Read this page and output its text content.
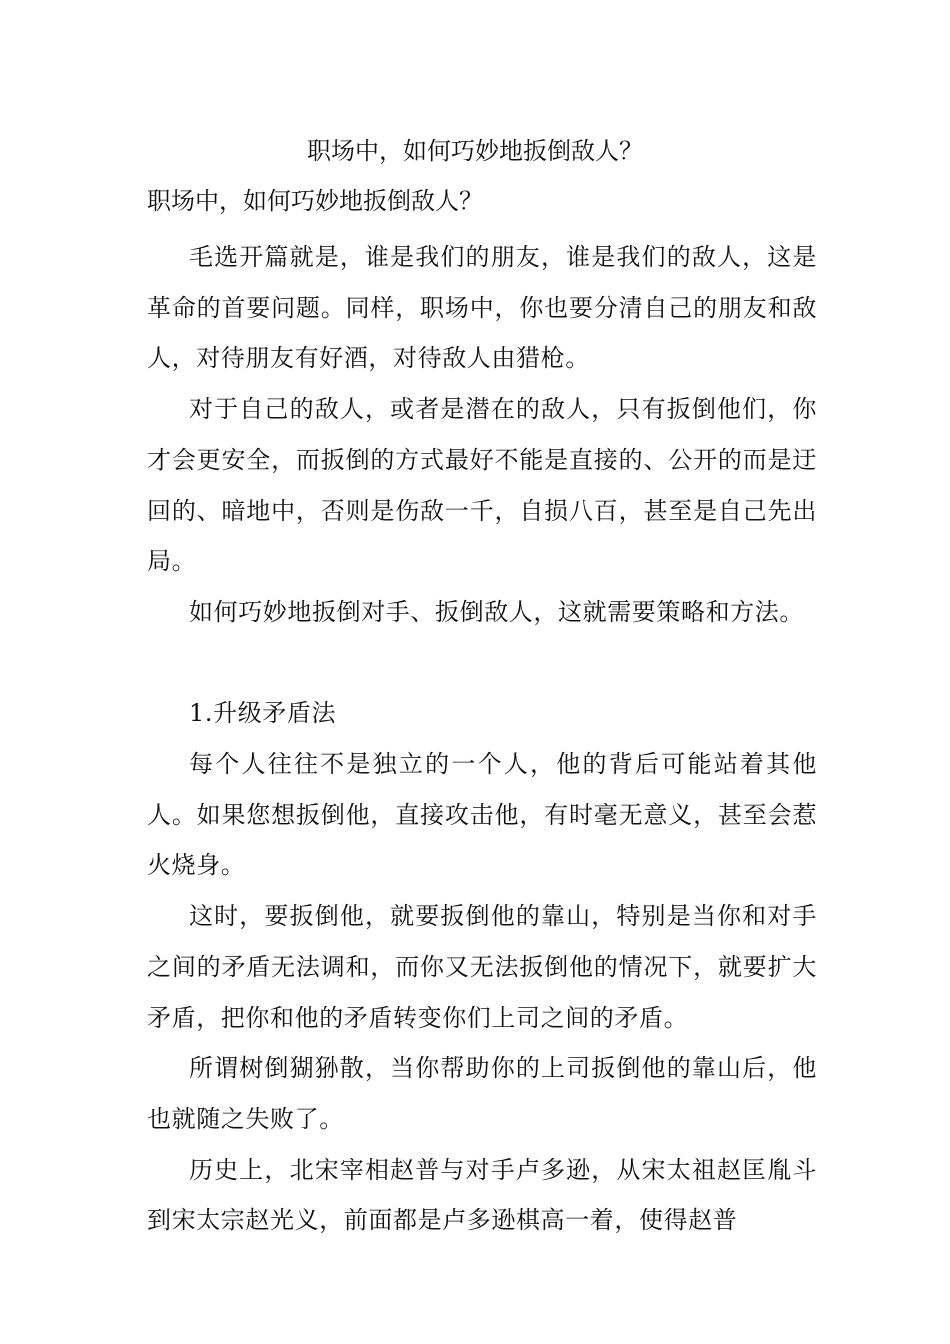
职场中，如何巧妙地扳倒敌人？
职场中，如何巧妙地扳倒敌人？

毛选开篇就是，谁是我们的朋友，谁是我们的敌人，这是革命的首要问题。同样，职场中，你也要分清自己的朋友和敌人，对待朋友有好酒，对待敌人由猎枪。

对于自己的敌人，或者是潜在的敌人，只有扳倒他们，你才会更安全，而扳倒的方式最好不能是直接的、公开的而是迂回的、暗地中，否则是伤敌一千，自损八百，甚至是自己先出局。

如何巧妙地扳倒对手、扳倒敌人，这就需要策略和方法。

1.升级矛盾法

每个人往往不是独立的一个人，他的背后可能站着其他人。如果您想扳倒他，直接攻击他，有时毫无意义，甚至会惹火烧身。

这时，要扳倒他，就要扳倒他的靠山，特别是当你和对手之间的矛盾无法调和，而你又无法扳倒他的情况下，就要扩大矛盾，把你和他的矛盾转变你们上司之间的矛盾。

所谓树倒猢狲散，当你帮助你的上司扳倒他的靠山后，他也就随之失败了。

历史上，北宋宰相赵普与对手卢多逊，从宋太祖赵匡胤斗到宋太宗赵光义，前面都是卢多逊棋高一着，使得赵普
